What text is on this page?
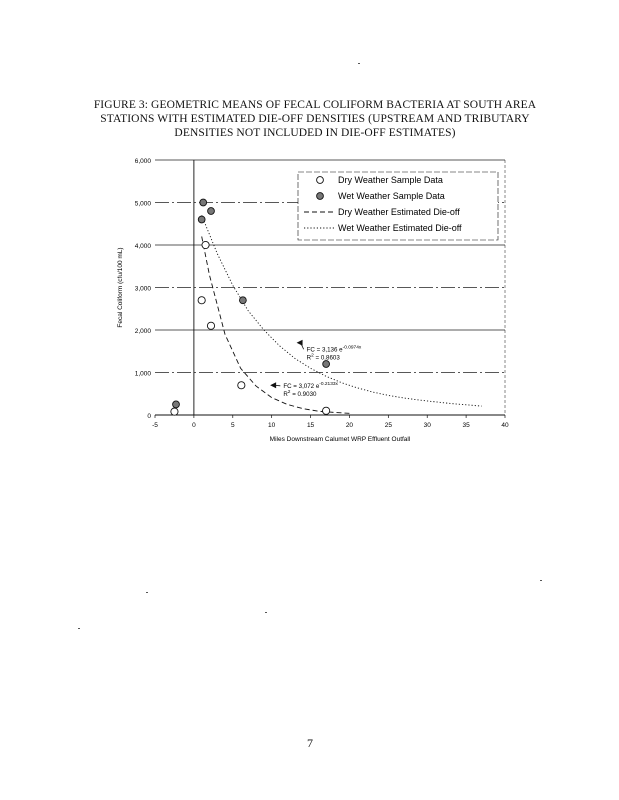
FIGURE 3: GEOMETRIC MEANS OF FECAL COLIFORM BACTERIA AT SOUTH AREA
STATIONS WITH ESTIMATED DIE-OFF DENSITIES (UPSTREAM AND TRIBUTARY
DENSITIES NOT INCLUDED IN DIE-OFF ESTIMATES)
0
1,000
2,000
3,000
4,000
5,000
6,000
-5	0	5	10	15	20	25	30	35	40
Miles Downstream Calumet WRP Effluent Outfall
Fecal Coliform (cfu/100 mL)
FC = 3,136 $e^{-0.0974x}$
$R^2 = 0.8603$
FC = 3,072 $e^{-0.2133x}$
$R^2 = 0.9030$
Dry Weather Sample Data
Wet Weather Sample Data
Dry Weather Estimated Die-off
Wet Weather Estimated Die-off
7
